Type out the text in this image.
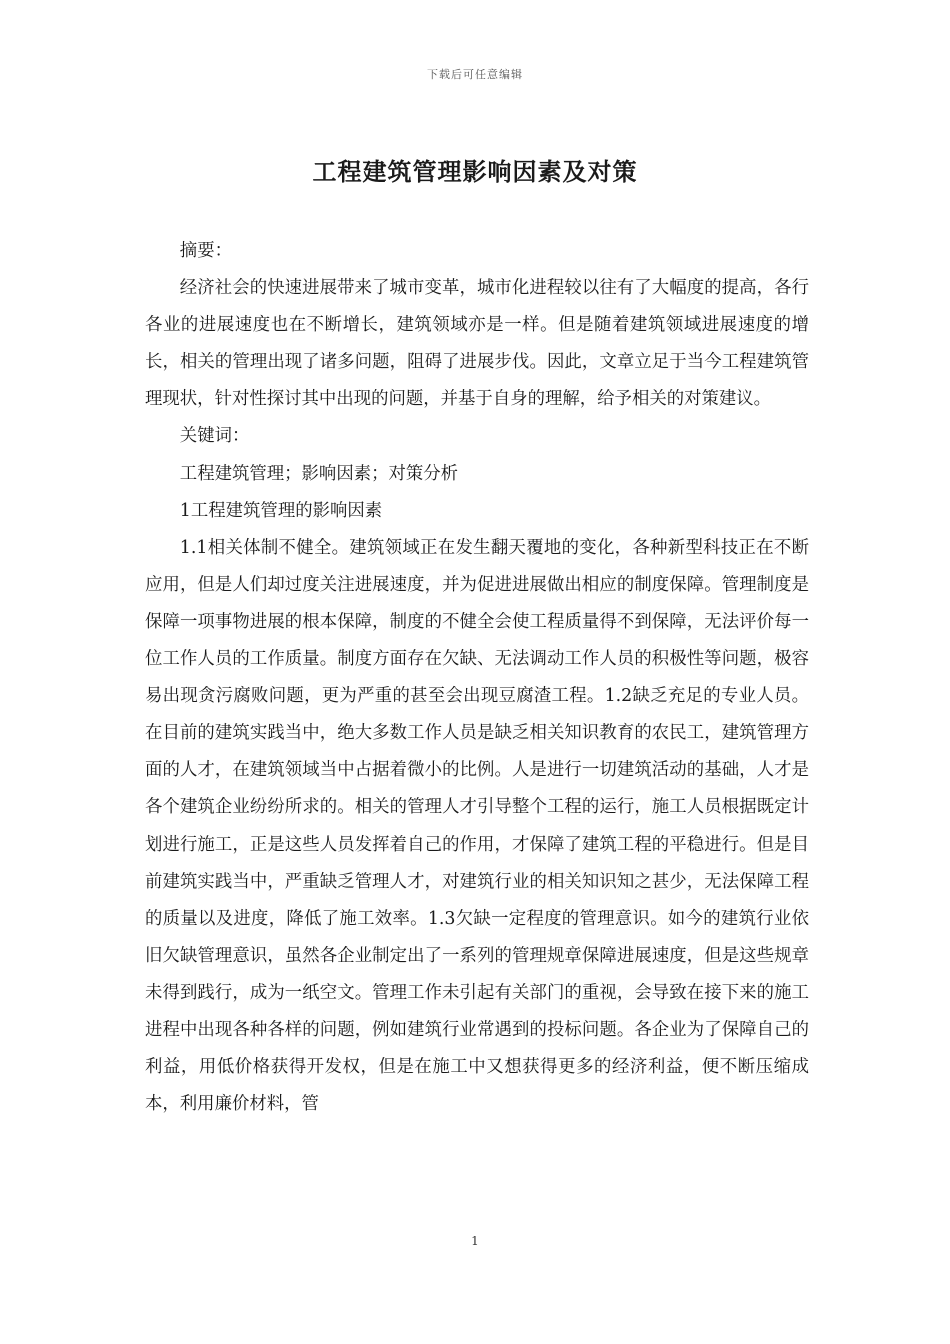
下载后可任意编辑
工程建筑管理影响因素及对策

摘要：

经济社会的快速进展带来了城市变革，城市化进程较以往有了大幅度的提高，各行各业的进展速度也在不断增长，建筑领域亦是一样。但是随着建筑领域进展速度的增长，相关的管理出现了诸多问题，阻碍了进展步伐。因此，文章立足于当今工程建筑管理现状，针对性探讨其中出现的问题，并基于自身的理解，给予相关的对策建议。

关键词：

工程建筑管理；影响因素；对策分析

1工程建筑管理的影响因素

1.1相关体制不健全。建筑领域正在发生翻天覆地的变化，各种新型科技正在不断应用，但是人们却过度关注进展速度，并为促进进展做出相应的制度保障。管理制度是保障一项事物进展的根本保障，制度的不健全会使工程质量得不到保障，无法评价每一位工作人员的工作质量。制度方面存在欠缺、无法调动工作人员的积极性等问题，极容易出现贪污腐败问题，更为严重的甚至会出现豆腐渣工程。1.2缺乏充足的专业人员。在目前的建筑实践当中，绝大多数工作人员是缺乏相关知识教育的农民工，建筑管理方面的人才，在建筑领域当中占据着微小的比例。人是进行一切建筑活动的基础，人才是各个建筑企业纷纷所求的。相关的管理人才引导整个工程的运行，施工人员根据既定计划进行施工，正是这些人员发挥着自己的作用，才保障了建筑工程的平稳进行。但是目前建筑实践当中，严重缺乏管理人才，对建筑行业的相关知识知之甚少，无法保障工程的质量以及进度，降低了施工效率。1.3欠缺一定程度的管理意识。如今的建筑行业依旧欠缺管理意识，虽然各企业制定出了一系列的管理规章保障进展速度，但是这些规章未得到践行，成为一纸空文。管理工作未引起有关部门的重视，会导致在接下来的施工进程中出现各种各样的问题，例如建筑行业常遇到的投标问题。各企业为了保障自己的利益，用低价格获得开发权，但是在施工中又想获得更多的经济利益，便不断压缩成本，利用廉价材料，管

1
